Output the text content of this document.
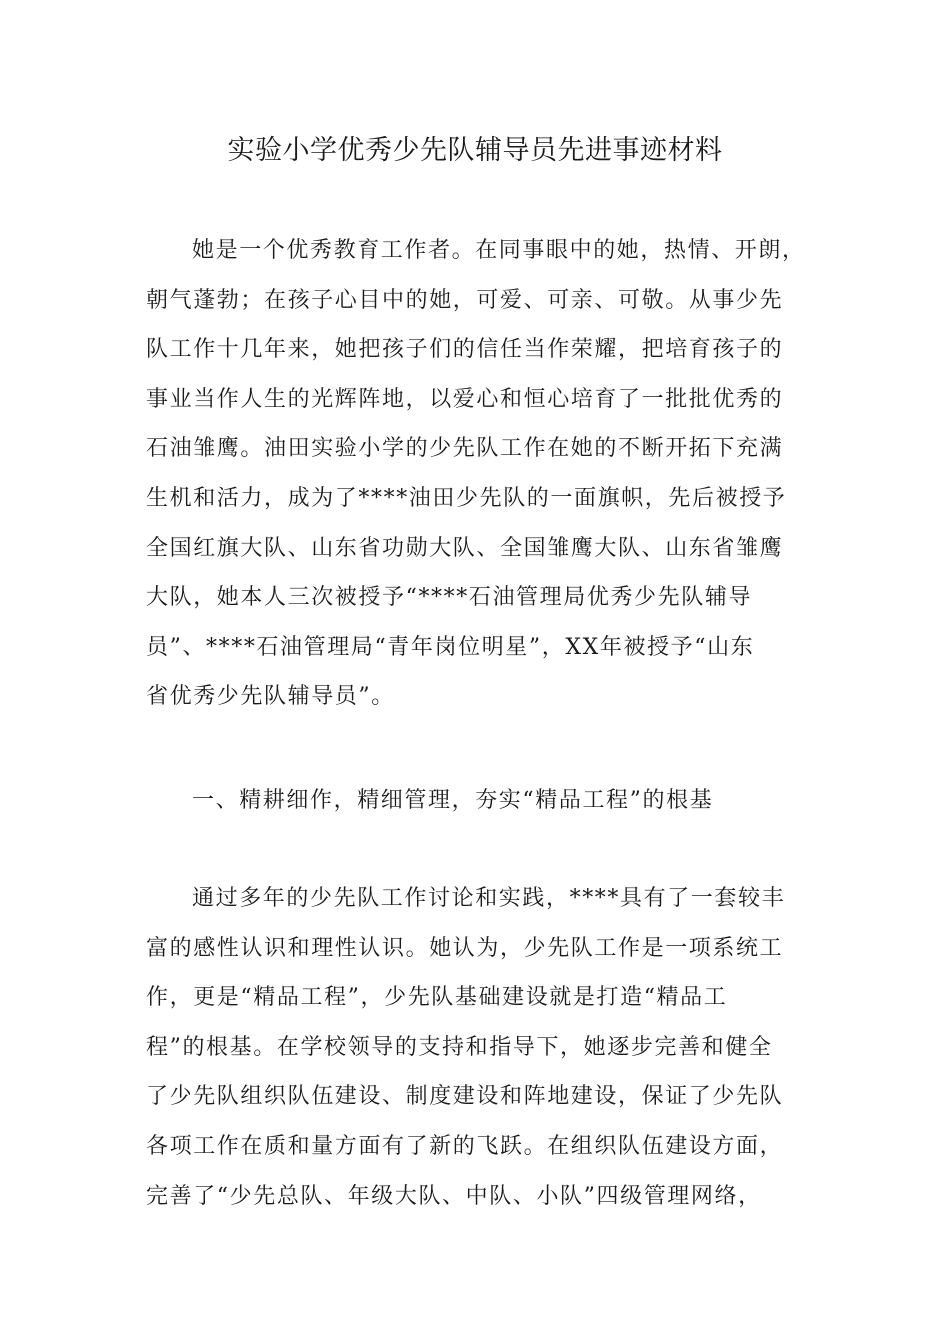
实验小学优秀少先队辅导员先进事迹材料
她是一个优秀教育工作者。在同事眼中的她，热情、开朗，
朝气蓬勃；在孩子心目中的她，可爱、可亲、可敬。从事少先
队工作十几年来，她把孩子们的信任当作荣耀，把培育孩子的
事业当作人生的光辉阵地，以爱心和恒心培育了一批批优秀的
石油雏鹰。油田实验小学的少先队工作在她的不断开拓下充满
生机和活力，成为了****油田少先队的一面旗帜，先后被授予
全国红旗大队、山东省功勋大队、全国雏鹰大队、山东省雏鹰
大队，她本人三次被授予“****石油管理局优秀少先队辅导
员”、****石油管理局“青年岗位明星”，XX年被授予“山东
省优秀少先队辅导员”。
一、精耕细作，精细管理，夯实“精品工程”的根基
通过多年的少先队工作讨论和实践，****具有了一套较丰
富的感性认识和理性认识。她认为，少先队工作是一项系统工
作，更是“精品工程”，少先队基础建设就是打造“精品工
程”的根基。在学校领导的支持和指导下，她逐步完善和健全
了少先队组织队伍建设、制度建设和阵地建设，保证了少先队
各项工作在质和量方面有了新的飞跃。在组织队伍建设方面，
完善了“少先总队、年级大队、中队、小队”四级管理网络，
